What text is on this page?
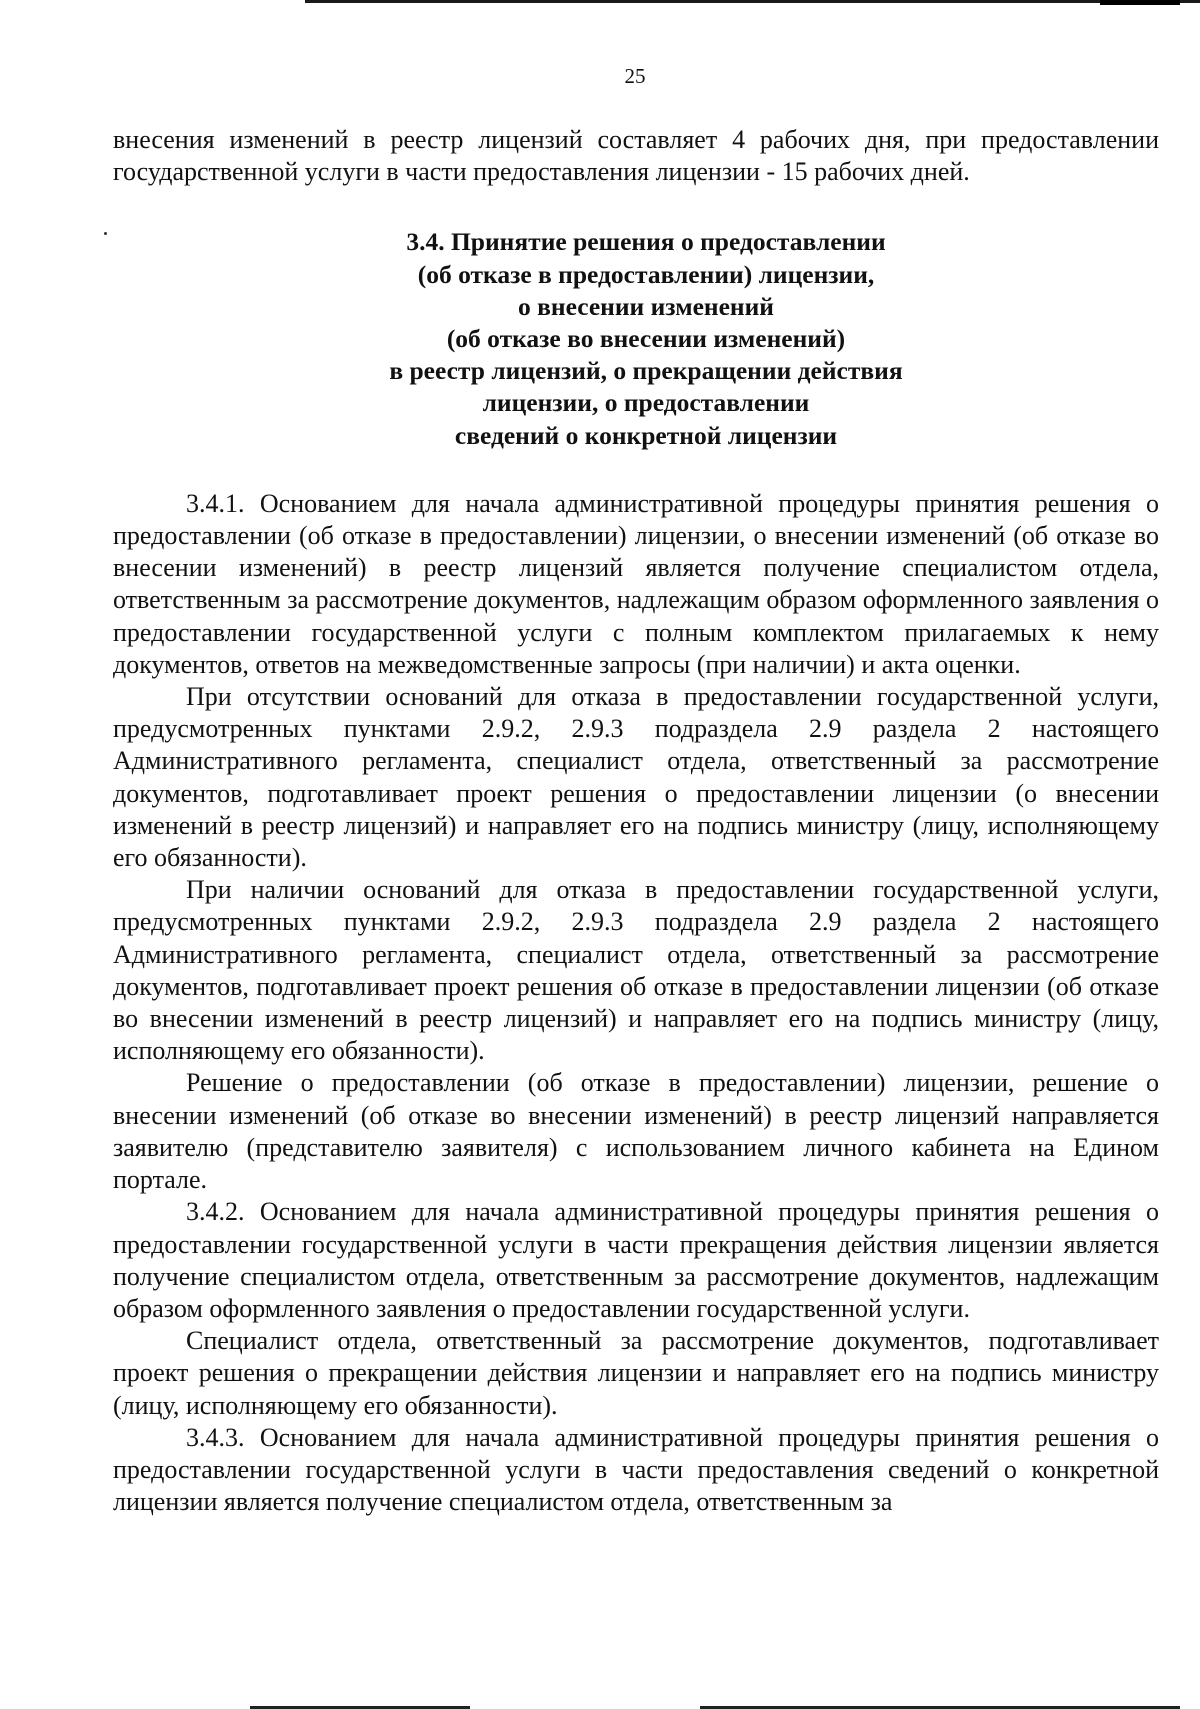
25

внесения изменений в реестр лицензий составляет 4 рабочих дня, при предоставлении государственной услуги в части предоставления лицензии - 15 рабочих дней.

3.4. Принятие решения о предоставлении
(об отказе в предоставлении) лицензии,
о внесении изменений
(об отказе во внесении изменений)
в реестр лицензий, о прекращении действия
лицензии, о предоставлении
сведений о конкретной лицензии

3.4.1. Основанием для начала административной процедуры принятия решения о предоставлении (об отказе в предоставлении) лицензии, о внесении изменений (об отказе во внесении изменений) в реестр лицензий является получение специалистом отдела, ответственным за рассмотрение документов, надлежащим образом оформленного заявления о предоставлении государственной услуги с полным комплектом прилагаемых к нему документов, ответов на межведомственные запросы (при наличии) и акта оценки.

При отсутствии оснований для отказа в предоставлении государственной услуги, предусмотренных пунктами 2.9.2, 2.9.3 подраздела 2.9 раздела 2 настоящего Административного регламента, специалист отдела, ответственный за рассмотрение документов, подготавливает проект решения о предоставлении лицензии (о внесении изменений в реестр лицензий) и направляет его на подпись министру (лицу, исполняющему его обязанности).

При наличии оснований для отказа в предоставлении государственной услуги, предусмотренных пунктами 2.9.2, 2.9.3 подраздела 2.9 раздела 2 настоящего Административного регламента, специалист отдела, ответственный за рассмотрение документов, подготавливает проект решения об отказе в предоставлении лицензии (об отказе во внесении изменений в реестр лицензий) и направляет его на подпись министру (лицу, исполняющему его обязанности).

Решение о предоставлении (об отказе в предоставлении) лицензии, решение о внесении изменений (об отказе во внесении изменений) в реестр лицензий направляется заявителю (представителю заявителя) с использованием личного кабинета на Едином портале.

3.4.2. Основанием для начала административной процедуры принятия решения о предоставлении государственной услуги в части прекращения действия лицензии является получение специалистом отдела, ответственным за рассмотрение документов, надлежащим образом оформленного заявления о предоставлении государственной услуги.

Специалист отдела, ответственный за рассмотрение документов, подготавливает проект решения о прекращении действия лицензии и направляет его на подпись министру (лицу, исполняющему его обязанности).

3.4.3. Основанием для начала административной процедуры принятия решения о предоставлении государственной услуги в части предоставления сведений о конкретной лицензии является получение специалистом отдела, ответственным за
